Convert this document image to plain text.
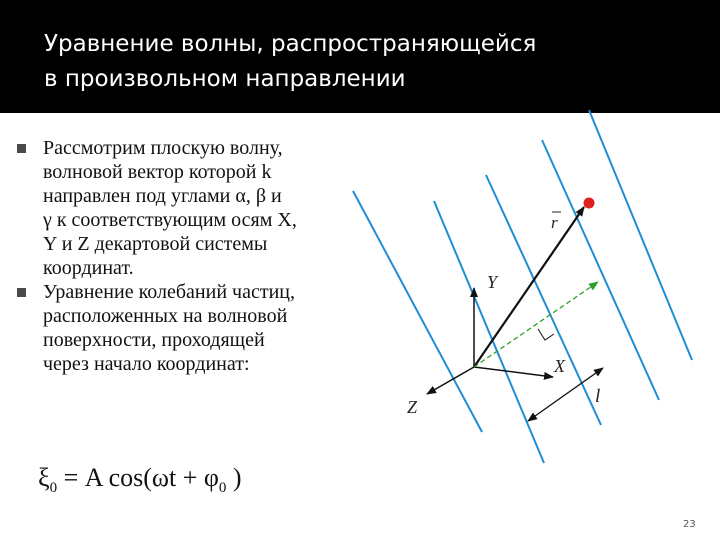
Уравнение волны, распространяющейся
в произвольном направлении
Рассмотрим плоскую волну,
волновой вектор которой k
направлен под углами α, β и
γ к соответствующим осям X,
Y и Z декартовой системы
координат.
Уравнение колебаний частиц,
расположенных на волновой
поверхности, проходящей
через начало координат:
r
Y
X
Z	l
$\xi_0 = A$ $\cos(\omega t + \varphi_0$ )
23
